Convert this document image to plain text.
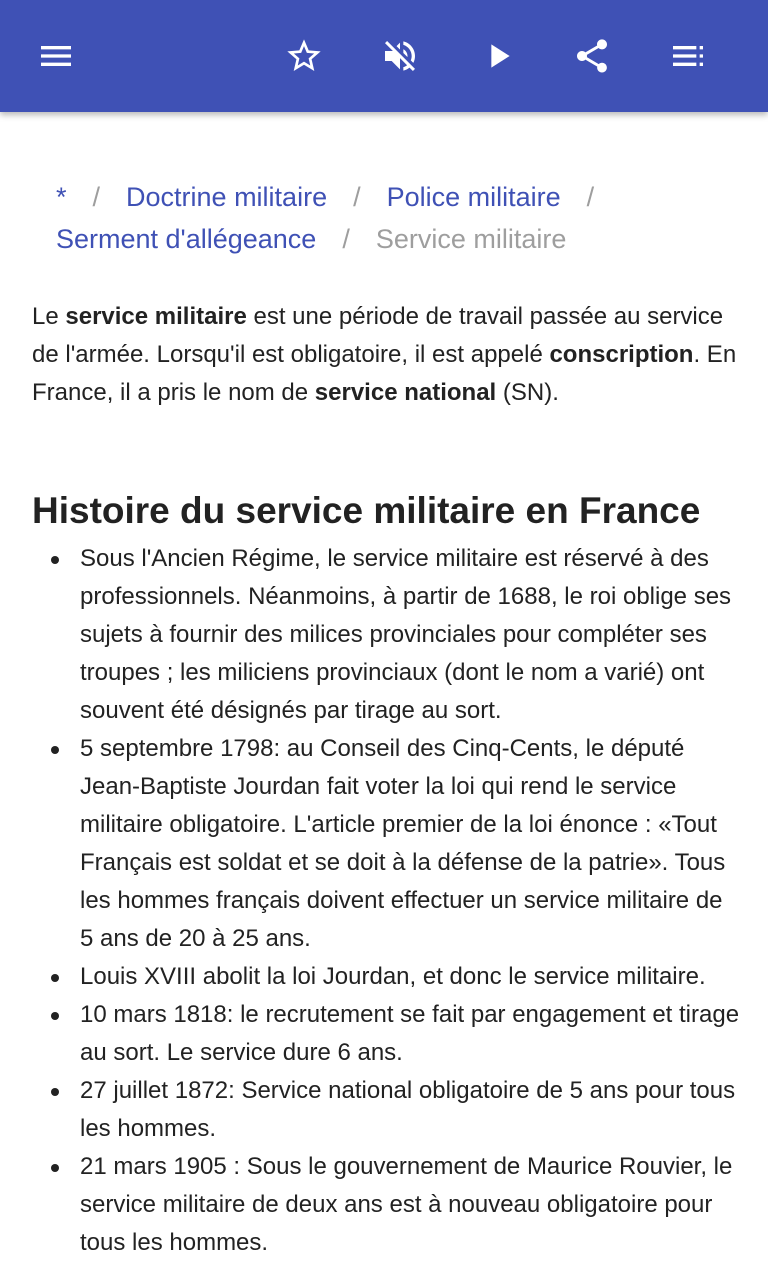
* / Doctrine militaire / Police militaire /
Serment d'allégeance / Service militaire

Le service militaire est une période de travail passée au service de l'armée. Lorsqu'il est obligatoire, il est appelé conscription. En France, il a pris le nom de service national (SN).

Histoire du service militaire en France
Sous l'Ancien Régime, le service militaire est réservé à des professionnels. Néanmoins, à partir de 1688, le roi oblige ses sujets à fournir des milices provinciales pour compléter ses troupes ; les miliciens provinciaux (dont le nom a varié) ont souvent été désignés par tirage au sort.
5 septembre 1798: au Conseil des Cinq-Cents, le député Jean-Baptiste Jourdan fait voter la loi qui rend le service militaire obligatoire. L'article premier de la loi énonce : «Tout Français est soldat et se doit à la défense de la patrie». Tous les hommes français doivent effectuer un service militaire de 5 ans de 20 à 25 ans.
Louis XVIII abolit la loi Jourdan, et donc le service militaire.
10 mars 1818: le recrutement se fait par engagement et tirage au sort. Le service dure 6 ans.
27 juillet 1872: Service national obligatoire de 5 ans pour tous les hommes.
21 mars 1905 : Sous le gouvernement de Maurice Rouvier, le service militaire de deux ans est à nouveau obligatoire pour tous les hommes.
